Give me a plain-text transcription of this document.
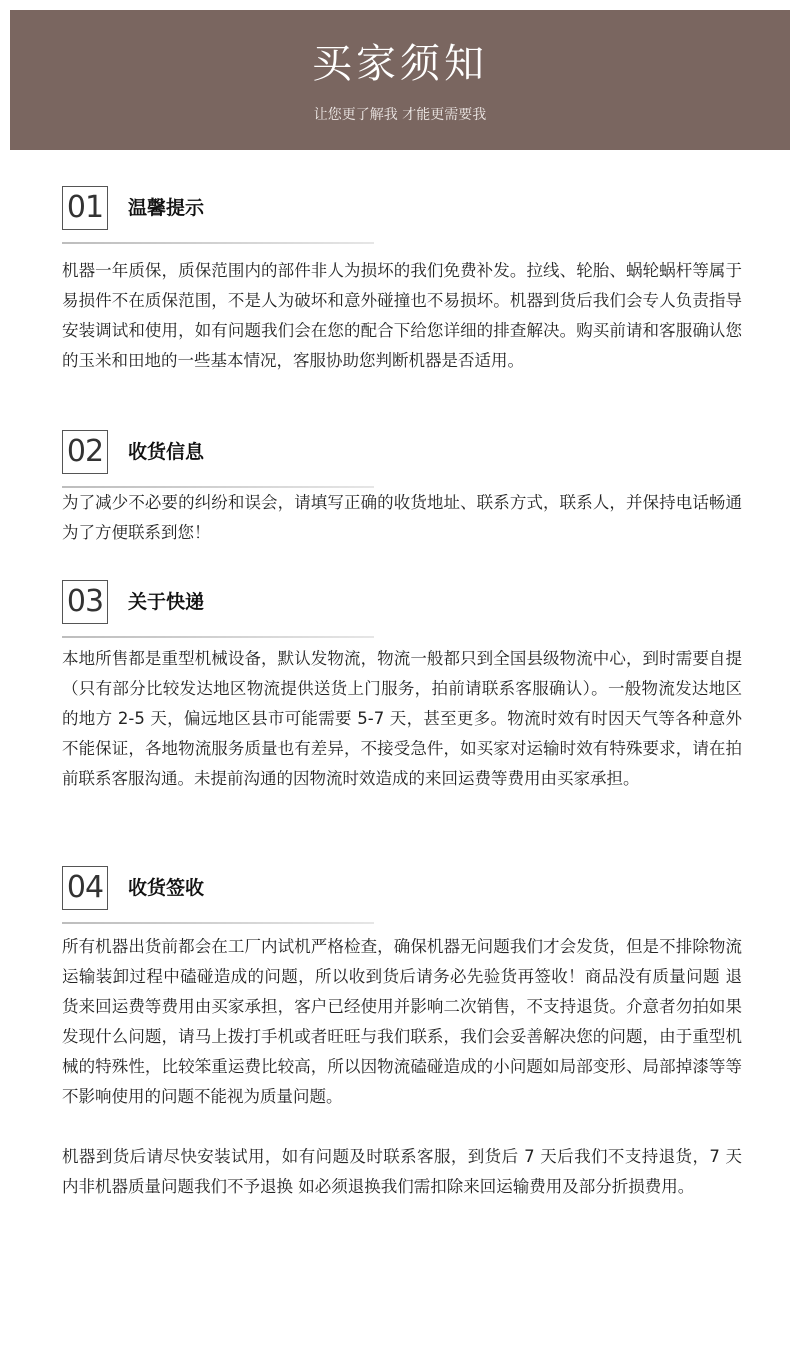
买家须知
让您更了解我 才能更需要我
01 温馨提示

机器一年质保，质保范围内的部件非人为损坏的我们免费补发。拉线、轮胎、蜗轮蜗杆等属于易损件不在质保范围，不是人为破坏和意外碰撞也不易损坏。机器到货后我们会专人负责指导安装调试和使用，如有问题我们会在您的配合下给您详细的排查解决。购买前请和客服确认您的玉米和田地的一些基本情况，客服协助您判断机器是否适用。

02 收货信息

为了减少不必要的纠纷和误会，请填写正确的收货地址、联系方式，联系人，并保持电话畅通 为了方便联系到您！

03 关于快递

本地所售都是重型机械设备，默认发物流，物流一般都只到全国县级物流中心，到时需要自提（只有部分比较发达地区物流提供送货上门服务，拍前请联系客服确认）。一般物流发达地区的地方 2-5 天，偏远地区县市可能需要 5-7 天，甚至更多。物流时效有时因天气等各种意外不能保证，各地物流服务质量也有差异，不接受急件，如买家对运输时效有特殊要求，请在拍前联系客服沟通。未提前沟通的因物流时效造成的来回运费等费用由买家承担。

04 收货签收

所有机器出货前都会在工厂内试机严格检查，确保机器无问题我们才会发货，但是不排除物流运输装卸过程中磕碰造成的问题，所以收到货后请务必先验货再签收！商品没有质量问题 退货来回运费等费用由买家承担，客户已经使用并影响二次销售，不支持退货。介意者勿拍如果发现什么问题，请马上拨打手机或者旺旺与我们联系，我们会妥善解决您的问题，由于重型机械的特殊性，比较笨重运费比较高，所以因物流磕碰造成的小问题如局部变形、局部掉漆等等不影响使用的问题不能视为质量问题。

机器到货后请尽快安装试用，如有问题及时联系客服，到货后 7 天后我们不支持退货，7 天内非机器质量问题我们不予退换 如必须退换我们需扣除来回运输费用及部分折损费用。
